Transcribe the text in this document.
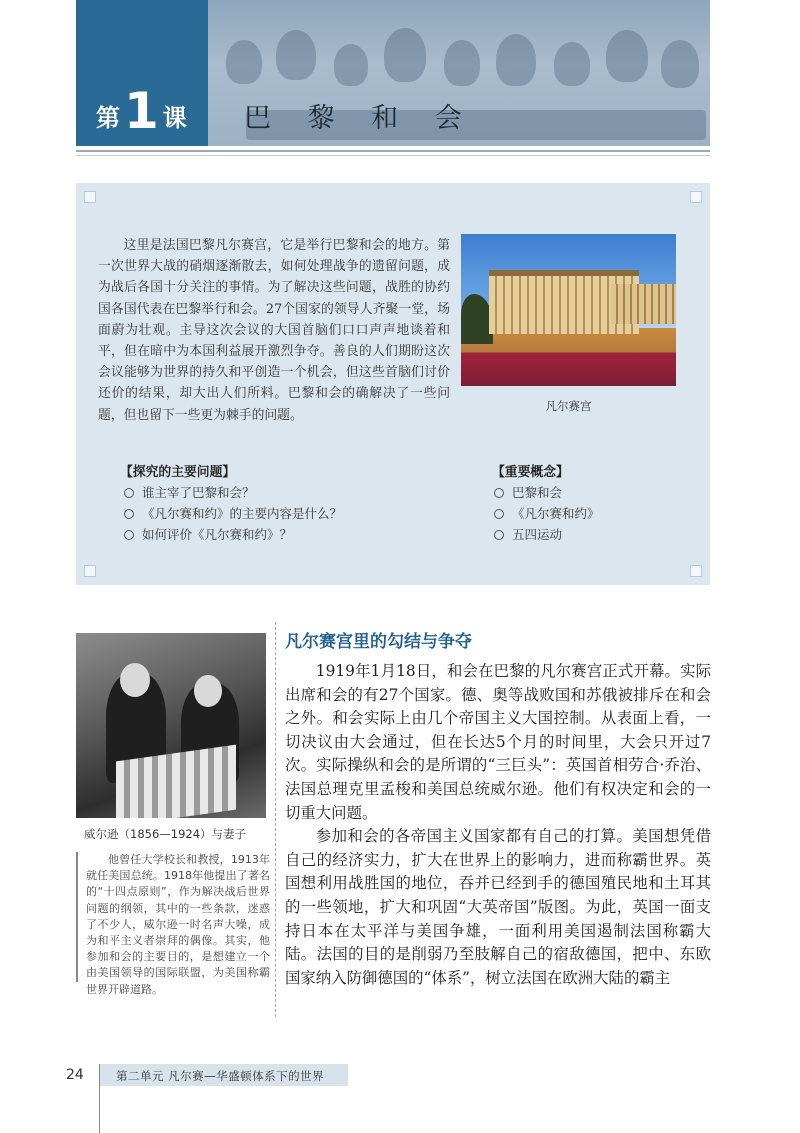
第 1 课 巴 黎 和 会
这里是法国巴黎凡尔赛宫，它是举行巴黎和会的地方。第一次世界大战的硝烟逐渐散去，如何处理战争的遗留问题，成为战后各国十分关注的事情。为了解决这些问题，战胜的协约国各国代表在巴黎举行和会。27个国家的领导人齐聚一堂，场面蔚为壮观。主导这次会议的大国首脑们口口声声地谈着和平，但在暗中为本国利益展开激烈争夺。善良的人们期盼这次会议能够为世界的持久和平创造一个机会，但这些首脑们讨价还价的结果，却大出人们所料。巴黎和会的确解决了一些问题，但也留下一些更为棘手的问题。
凡尔赛宫
【探究的主要问题】
谁主宰了巴黎和会？
《凡尔赛和约》的主要内容是什么？
如何评价《凡尔赛和约》？
【重要概念】
巴黎和会
《凡尔赛和约》
五四运动
威尔逊（1856—1924）与妻子
他曾任大学校长和教授，1913年就任美国总统。1918年他提出了著名的“十四点原则”，作为解决战后世界问题的纲领，其中的一些条款，迷惑了不少人，威尔逊一时名声大噪，成为和平主义者崇拜的偶像。其实，他参加和会的主要目的，是想建立一个由美国领导的国际联盟，为美国称霸世界开辟道路。
凡尔赛宫里的勾结与争夺

1919年1月18日，和会在巴黎的凡尔赛宫正式开幕。实际出席和会的有27个国家。德、奥等战败国和苏俄被排斥在和会之外。和会实际上由几个帝国主义大国控制。从表面上看，一切决议由大会通过，但在长达5个月的时间里，大会只开过7次。实际操纵和会的是所谓的“三巨头”：英国首相劳合·乔治、法国总理克里孟梭和美国总统威尔逊。他们有权决定和会的一切重大问题。

参加和会的各帝国主义国家都有自己的打算。美国想凭借自己的经济实力，扩大在世界上的影响力，进而称霸世界。英国想利用战胜国的地位，吞并已经到手的德国殖民地和土耳其的一些领地，扩大和巩固“大英帝国”版图。为此，英国一面支持日本在太平洋与美国争雄，一面利用美国遏制法国称霸大陆。法国的目的是削弱乃至肢解自己的宿敌德国，把中、东欧国家纳入防御德国的“体系”，树立法国在欧洲大陆的霸主

24	第二单元 凡尔赛—华盛顿体系下的世界
